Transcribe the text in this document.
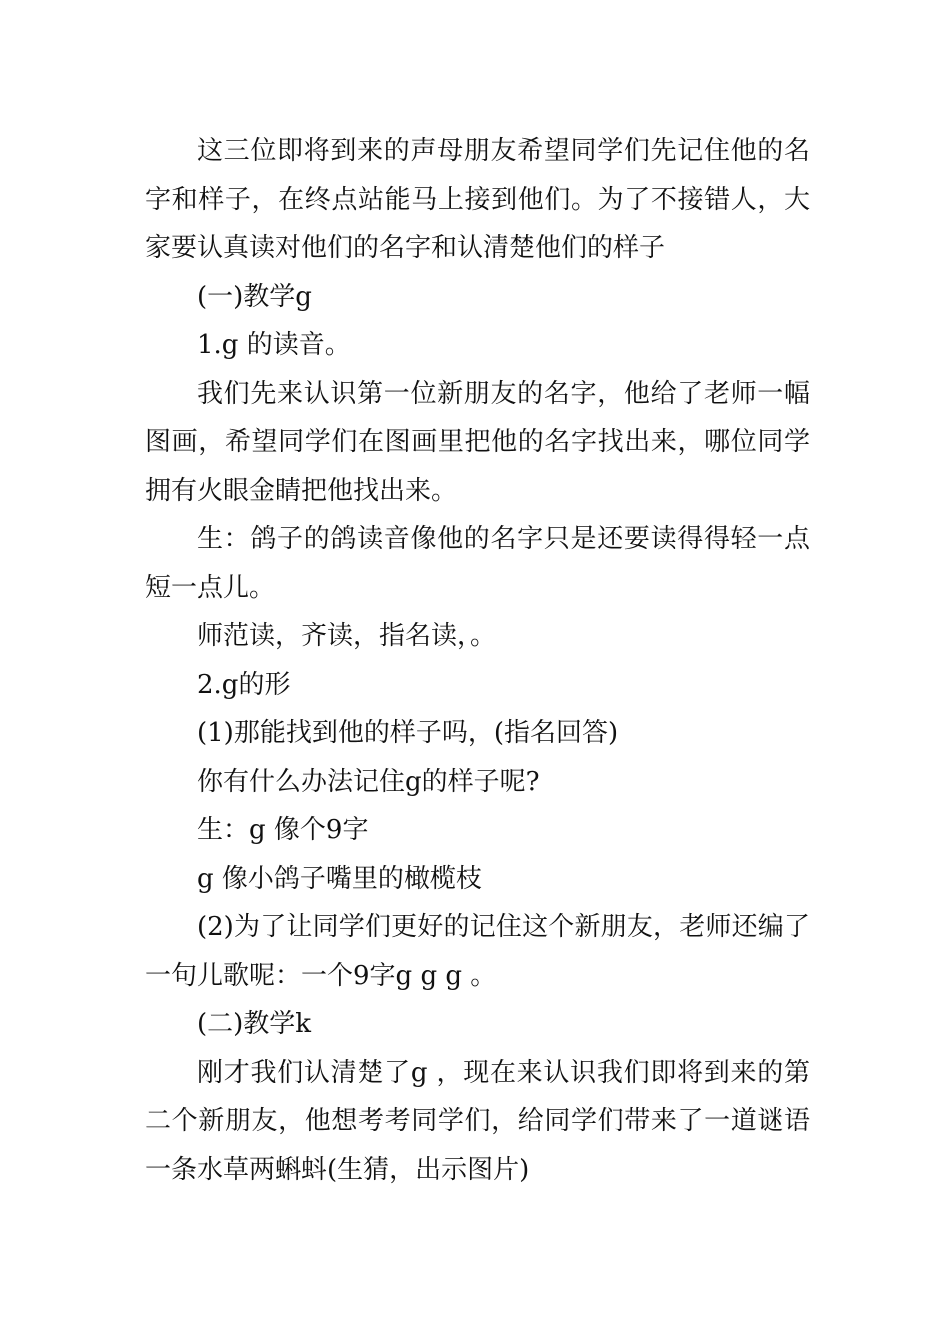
这三位即将到来的声母朋友希望同学们先记住他的名字和样子，在终点站能马上接到他们。为了不接错人，大家要认真读对他们的名字和认清楚他们的样子

(一)教学g

1.g 的读音。

我们先来认识第一位新朋友的名字，他给了老师一幅图画，希望同学们在图画里把他的名字找出来，哪位同学拥有火眼金睛把他找出来。

生：鸽子的鸽读音像他的名字只是还要读得得轻一点短一点儿。

师范读，齐读，指名读，。

2.g的形

(1)那能找到他的样子吗，(指名回答)

你有什么办法记住g的样子呢?

生：g 像个9字

g 像小鸽子嘴里的橄榄枝

(2)为了让同学们更好的记住这个新朋友，老师还编了一句儿歌呢：一个9字g g g 。

(二)教学k

刚才我们认清楚了g ，现在来认识我们即将到来的第二个新朋友，他想考考同学们，给同学们带来了一道谜语一条水草两蝌蚪(生猜，出示图片)
